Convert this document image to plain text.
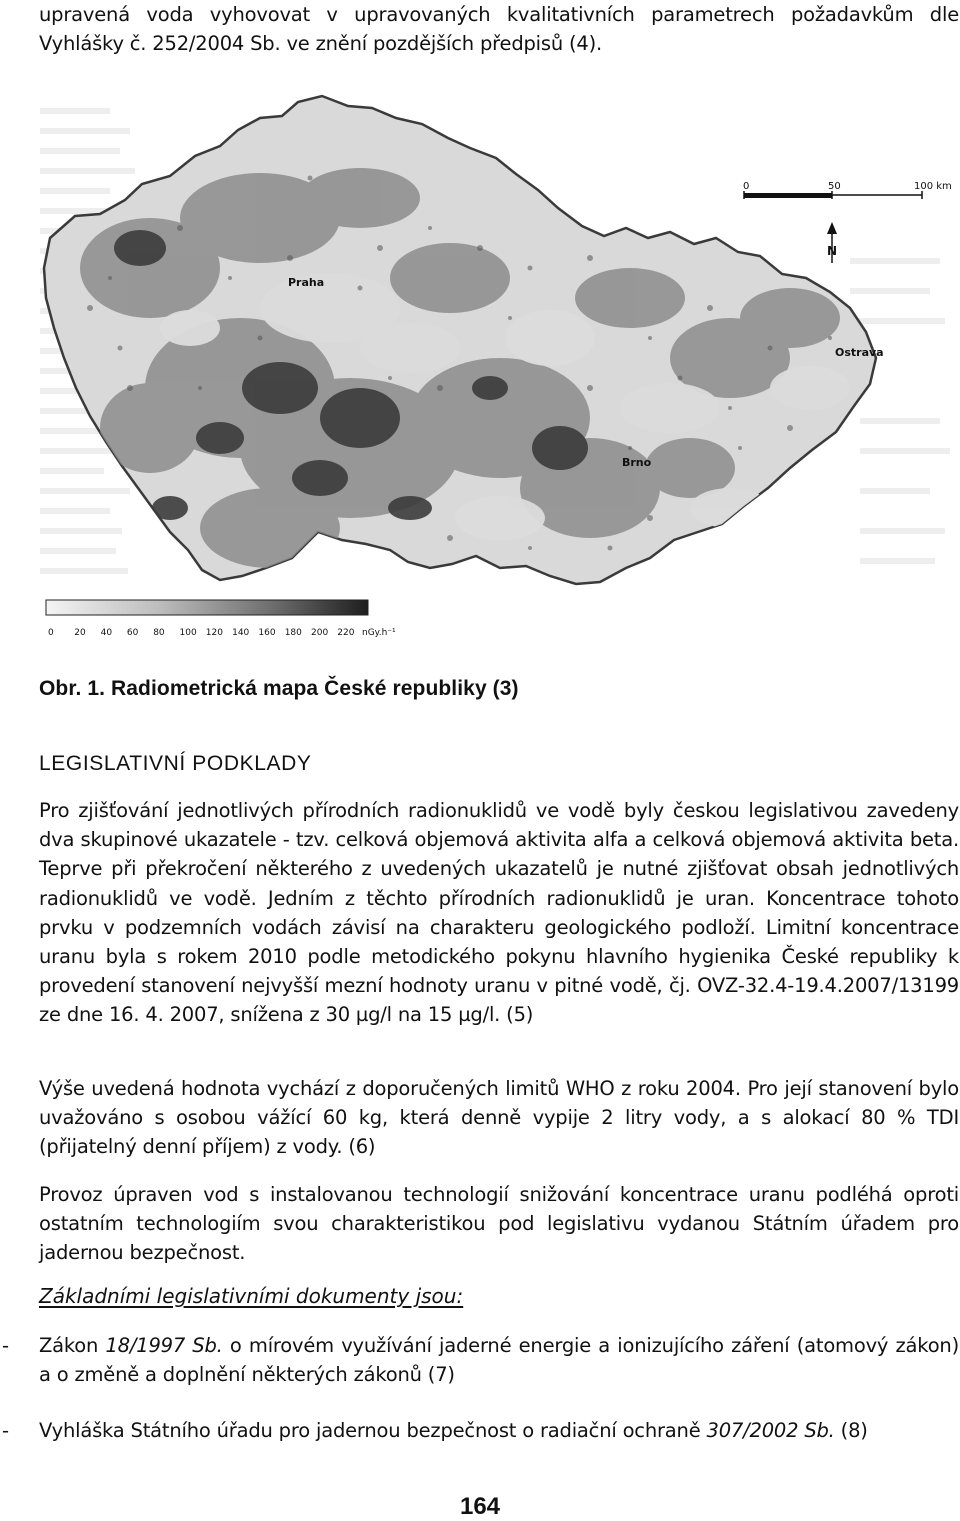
upravená voda vyhovovat v upravovaných kvalitativních parametrech požadavkům dle Vyhlášky č. 252/2004 Sb. ve znění pozdějších předpisů (4).

Praha
Ostrava
Brno
0	50	100 km
N
0 20 40 60 80 100 120 140 160 180 200 220 nGy.h⁻¹
Obr. 1. Radiometrická mapa České republiky (3)
LEGISLATIVNÍ PODKLADY

Pro zjišťování jednotlivých přírodních radionuklidů ve vodě byly českou legislativou zavedeny dva skupinové ukazatele - tzv. celková objemová aktivita alfa a celková objemová aktivita beta. Teprve při překročení některého z uvedených ukazatelů je nutné zjišťovat obsah jednotlivých radionuklidů ve vodě. Jedním z těchto přírodních radionuklidů je uran. Koncentrace tohoto prvku v podzemních vodách závisí na charakteru geologického podloží. Limitní koncentrace uranu byla s rokem 2010 podle metodického pokynu hlavního hygienika České republiky k provedení stanovení nejvyšší mezní hodnoty uranu v pitné vodě, čj. OVZ-32.4-19.4.2007/13199 ze dne 16. 4. 2007, snížena z 30 µg/l na 15 µg/l. (5)

Výše uvedená hodnota vychází z doporučených limitů WHO z roku 2004. Pro její stanovení bylo uvažováno s osobou vážící 60 kg, která denně vypije 2 litry vody, a s alokací 80 % TDI (přijatelný denní příjem) z vody. (6)

Provoz úpraven vod s instalovanou technologií snižování koncentrace uranu podléhá oproti ostatním technologiím svou charakteristikou pod legislativu vydanou Státním úřadem pro jadernou bezpečnost.

Základními legislativními dokumenty jsou:
- Zákon 18/1997 Sb. o mírovém využívání jaderné energie a ionizujícího záření (atomový zákon) a o změně a doplnění některých zákonů (7)

- Vyhláška Státního úřadu pro jadernou bezpečnost o radiační ochraně 307/2002 Sb. (8)

164
